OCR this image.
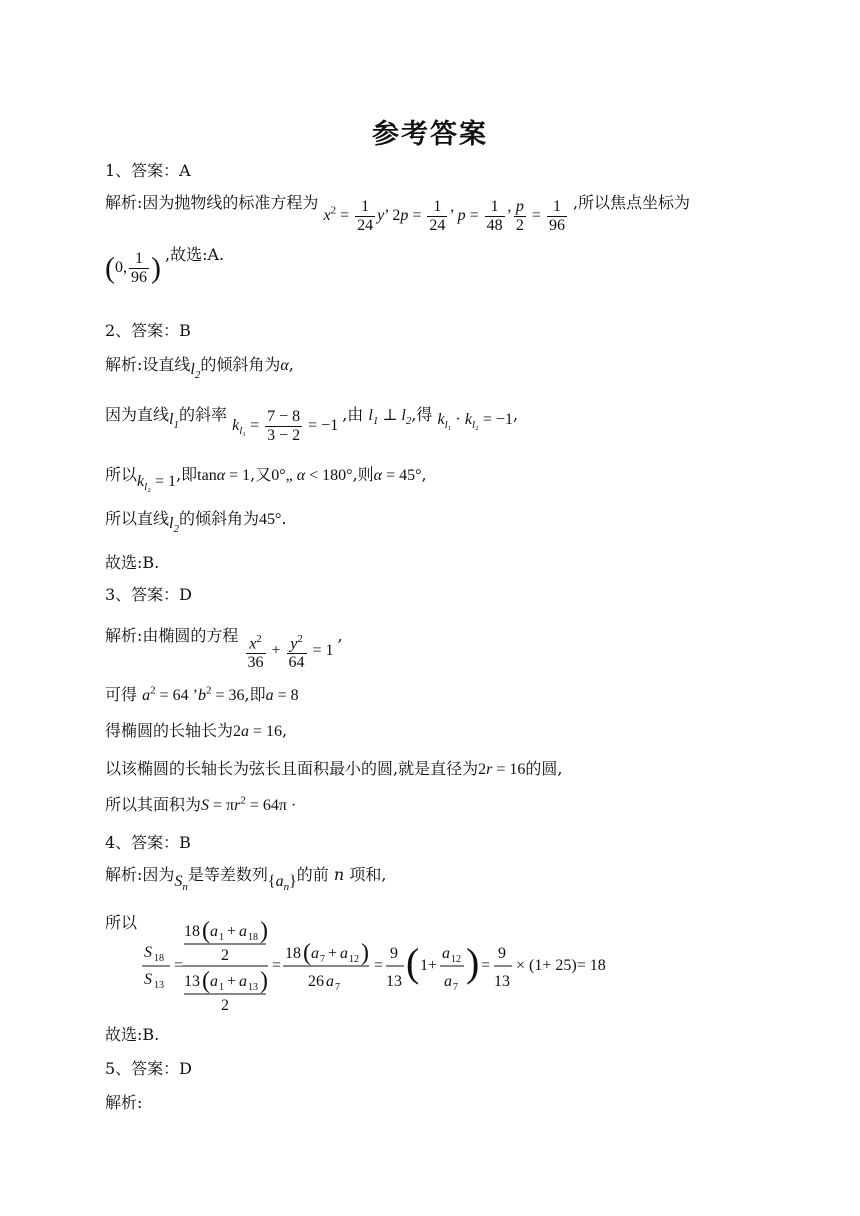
参考答案
1、答案：A
解析:因为抛物线的标准方程为 $x^2 = \frac{1}{24} y$’ $2p = \frac{1}{24}$ ’ $p = \frac{1}{48}$ ’ $\frac{p}{2} = \frac{1}{96}$ ,所以焦点坐标为
(0, $\frac{1}{96}$ ) ,故选:A.
2、答案：B
解析:设直线$l_2$的倾斜角为α,
因为直线$l_1$的斜率 $k_{l_1} = \frac{7 - 8}{3 - 2} = -1$ ,由 $l_1$ ⊥ $l_2$,得 $k_{l_1} \cdot k_{l_2} = -1$,
所以$k_{l_2} = 1$,即tanα = 1,又0°„ α < 180°,则α = 45°,
所以直线$l_2$的倾斜角为45°.
故选:B.
3、答案：D
解析:由椭圆的方程 $\frac{x^2}{36} + \frac{y^2}{64} = 1$ ,
可得 $a^2 = 64$ $’b^2 = 36$,即a = 8
得椭圆的长轴长为2a = 16,
以该椭圆的长轴长为弦长且面积最小的圆,就是直径为2r = 16的圆,
所以其面积为$S = \pi r^2 = 64\pi$ ·
4、答案：B
解析:因为$S_n$是等差数列$\{a_n\}$的前 n 项和,
所以
S 18
S 13
=
18 ( a 1 + a 18 )
2
13 ( a 1 + a 13 )
2
=
18 ( a 7 + a 12 )
26 a 7
=
9
13 ( 1+
a 12
a 7
) =
9
13
× (1+ 25)= 18
故选:B.
5、答案：D
解析:
